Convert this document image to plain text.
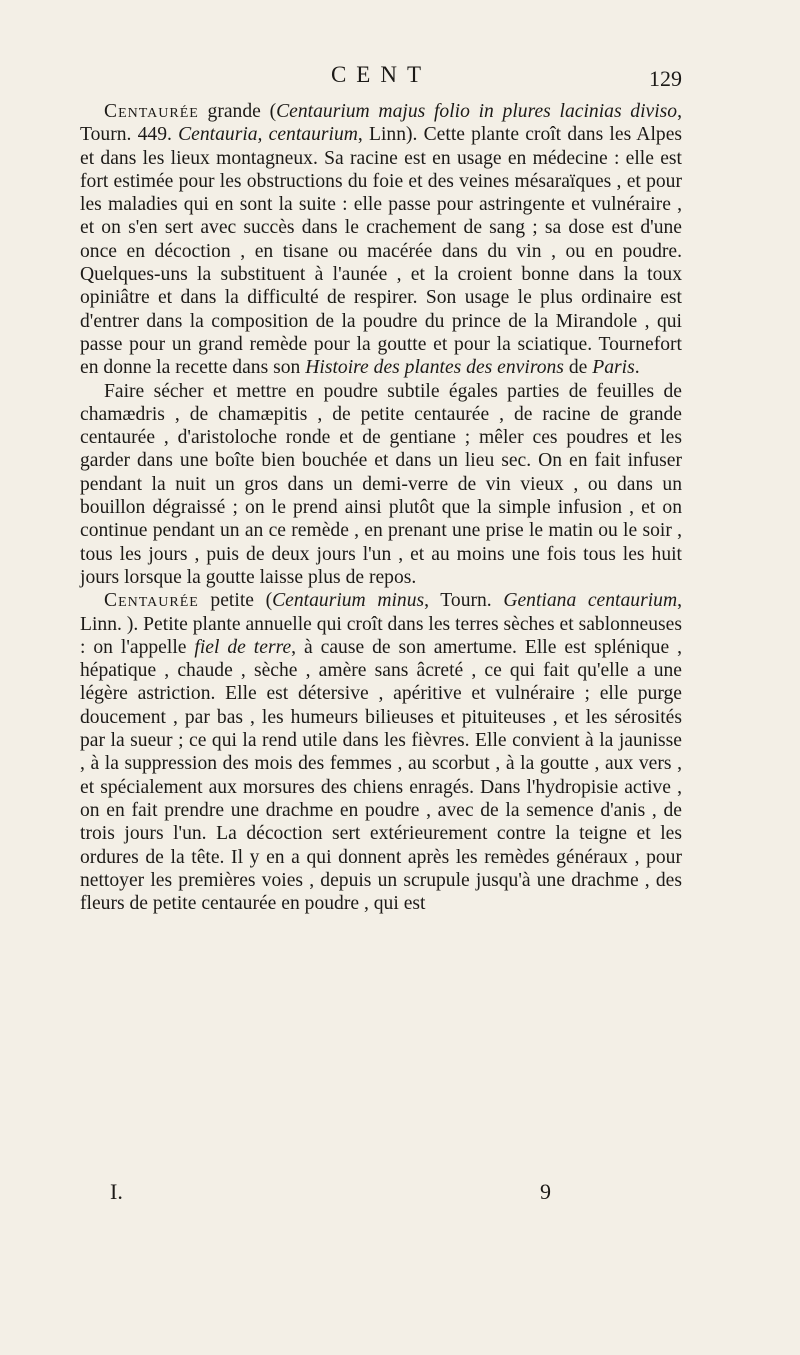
CENT	129

Centaurée grande (Centaurium majus folio in plures lacinias diviso, Tourn. 449. Centauria, centaurium, Linn). Cette plante croît dans les Alpes et dans les lieux montagneux. Sa racine est en usage en médecine : elle est fort estimée pour les obstructions du foie et des veines mésaraïques , et pour les maladies qui en sont la suite : elle passe pour astringente et vulnéraire , et on s'en sert avec succès dans le crachement de sang ; sa dose est d'une once en décoction , en tisane ou macérée dans du vin , ou en poudre. Quelques-uns la substituent à l'aunée , et la croient bonne dans la toux opiniâtre et dans la difficulté de respirer. Son usage le plus ordinaire est d'entrer dans la composition de la poudre du prince de la Mirandole , qui passe pour un grand remède pour la goutte et pour la sciatique. Tournefort en donne la recette dans son Histoire des plantes des environs de Paris.

Faire sécher et mettre en poudre subtile égales parties de feuilles de chamædris , de chamæpitis , de petite centaurée , de racine de grande centaurée , d'aristoloche ronde et de gentiane ; mêler ces poudres et les garder dans une boîte bien bouchée et dans un lieu sec. On en fait infuser pendant la nuit un gros dans un demi-verre de vin vieux , ou dans un bouillon dégraissé ; on le prend ainsi plutôt que la simple infusion , et on continue pendant un an ce remède , en prenant une prise le matin ou le soir , tous les jours , puis de deux jours l'un , et au moins une fois tous les huit jours lorsque la goutte laisse plus de repos.

Centaurée petite (Centaurium minus, Tourn. Gentiana centaurium, Linn. ). Petite plante annuelle qui croît dans les terres sèches et sablonneuses : on l'appelle fiel de terre, à cause de son amertume. Elle est splénique , hépatique , chaude , sèche , amère sans âcreté , ce qui fait qu'elle a une légère astriction. Elle est détersive , apéritive et vulnéraire ; elle purge doucement , par bas , les humeurs bilieuses et pituiteuses , et les sérosités par la sueur ; ce qui la rend utile dans les fièvres. Elle convient à la jaunisse , à la suppression des mois des femmes , au scorbut , à la goutte , aux vers , et spécialement aux morsures des chiens enragés. Dans l'hydropisie active , on en fait prendre une drachme en poudre , avec de la semence d'anis , de trois jours l'un. La décoction sert extérieurement contre la teigne et les ordures de la tête. Il y en a qui donnent après les remèdes généraux , pour nettoyer les premières voies , depuis un scrupule jusqu'à une drachme , des fleurs de petite centaurée en poudre , qui est

I.	9
